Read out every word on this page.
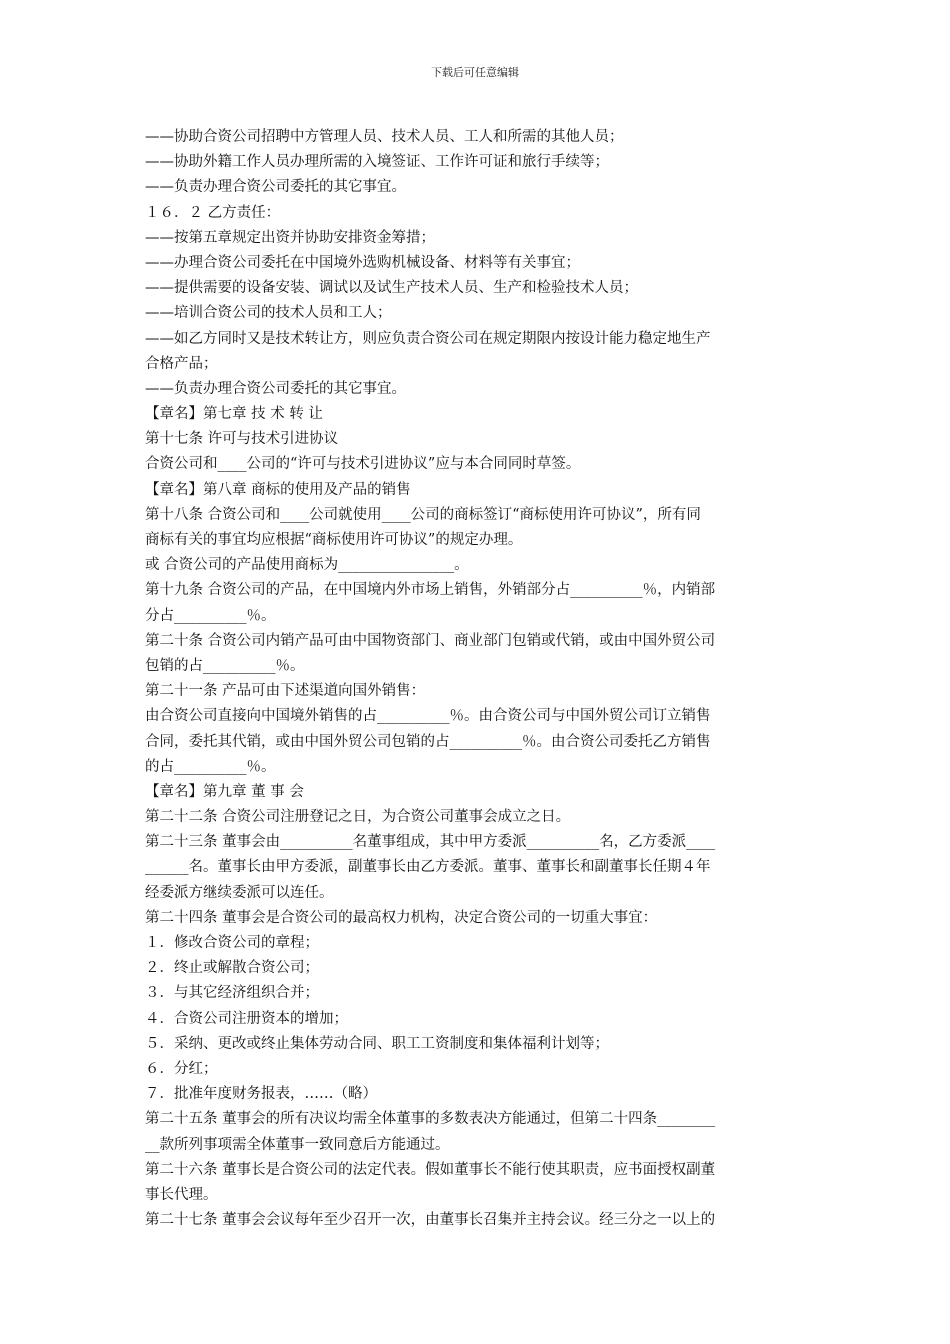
下载后可任意编辑
——协助合资公司招聘中方管理人员、技术人员、工人和所需的其他人员；
——协助外籍工作人员办理所需的入境签证、工作许可证和旅行手续等；
——负责办理合资公司委托的其它事宜。
１６．２ 乙方责任：
——按第五章规定出资并协助安排资金筹措；
——办理合资公司委托在中国境外选购机械设备、材料等有关事宜；
——提供需要的设备安装、调试以及试生产技术人员、生产和检验技术人员；
——培训合资公司的技术人员和工人；
——如乙方同时又是技术转让方，则应负责合资公司在规定期限内按设计能力稳定地生产
合格产品；
——负责办理合资公司委托的其它事宜。
【章名】第七章 技 术 转 让
第十七条 许可与技术引进协议
合资公司和____公司的“许可与技术引进协议”应与本合同同时草签。
【章名】第八章 商标的使用及产品的销售
第十八条 合资公司和____公司就使用____公司的商标签订“商标使用许可协议”，所有同
商标有关的事宜均应根据“商标使用许可协议”的规定办理。
或 合资公司的产品使用商标为________________。
第十九条 合资公司的产品，在中国境内外市场上销售，外销部分占__________％，内销部
分占__________％。
第二十条 合资公司内销产品可由中国物资部门、商业部门包销或代销，或由中国外贸公司
包销的占__________％。
第二十一条 产品可由下述渠道向国外销售：
由合资公司直接向中国境外销售的占__________％。由合资公司与中国外贸公司订立销售
合同，委托其代销，或由中国外贸公司包销的占__________％。由合资公司委托乙方销售
的占__________％。
【章名】第九章 董 事 会
第二十二条 合资公司注册登记之日，为合资公司董事会成立之日。
第二十三条 董事会由__________名董事组成，其中甲方委派__________名，乙方委派____
______名。董事长由甲方委派，副董事长由乙方委派。董事、董事长和副董事长任期４年
经委派方继续委派可以连任。
第二十四条 董事会是合资公司的最高权力机构，决定合资公司的一切重大事宜：
１．修改合资公司的章程；
２．终止或解散合资公司；
３．与其它经济组织合并；
４．合资公司注册资本的增加；
５．采纳、更改或终止集体劳动合同、职工工资制度和集体福利计划等；
６．分红；
７．批准年度财务报表，……（略）
第二十五条 董事会的所有决议均需全体董事的多数表决方能通过，但第二十四条________
__款所列事项需全体董事一致同意后方能通过。
第二十六条 董事长是合资公司的法定代表。假如董事长不能行使其职责，应书面授权副董
事长代理。
第二十七条 董事会会议每年至少召开一次，由董事长召集并主持会议。经三分之一以上的
